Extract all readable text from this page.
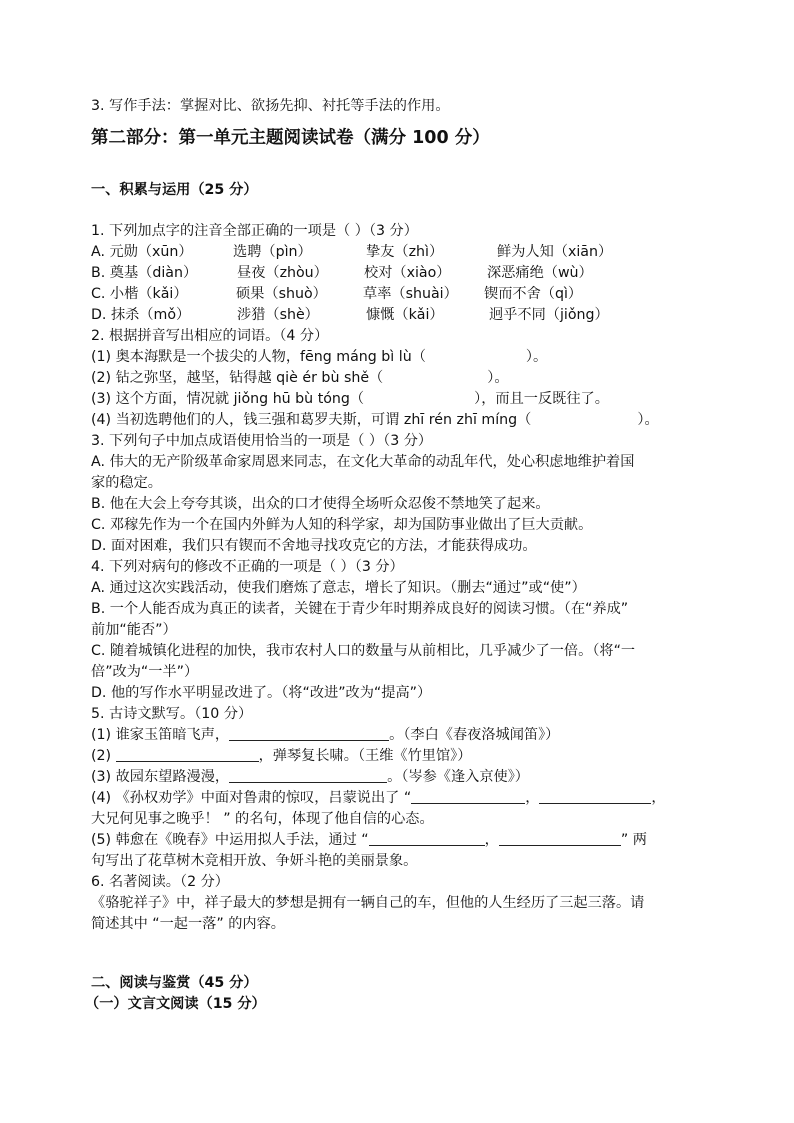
3. 写作手法：掌握对比、欲扬先抑、衬托等手法的作用。
第二部分：第一单元主题阅读试卷（满分 100 分）
一、积累与运用（25 分）
1. 下列加点字的注音全部正确的一项是（ ）（3 分）
A. 元勋（xūn）	选聘（pìn）	挚友（zhì）	鲜为人知（xiān）
B. 奠基（diàn）	昼夜（zhòu）	校对（xiào）	深恶痛绝（wù）
C. 小楷（kǎi）	硕果（shuò）	草率（shuài） 锲而不舍（qì）
D. 抹杀（mǒ）	涉猎（shè）	慷慨（kǎi）	迥乎不同（jiǒng）
2. 根据拼音写出相应的词语。（4 分）
(1) 奥本海默是一个拔尖的人物，fēng máng bì lù（	）。
(2) 钻之弥坚，越坚，钻得越 qiè ér bù shě（	）。
(3) 这个方面，情况就 jiǒng hū bù tóng（	），而且一反既往了。
(4) 当初选聘他们的人，钱三强和葛罗夫斯，可谓 zhī rén zhī míng（	）。
3. 下列句子中加点成语使用恰当的一项是（ ）（3 分）
A. 伟大的无产阶级革命家周恩来同志，在文化大革命的动乱年代，处心积虑地维护着国
家的稳定。
B. 他在大会上夸夸其谈，出众的口才使得全场听众忍俊不禁地笑了起来。
C. 邓稼先作为一个在国内外鲜为人知的科学家，却为国防事业做出了巨大贡献。
D. 面对困难，我们只有锲而不舍地寻找攻克它的方法，才能获得成功。
4. 下列对病句的修改不正确的一项是（ ）（3 分）
A. 通过这次实践活动，使我们磨炼了意志，增长了知识。（删去“通过”或“使”）
B. 一个人能否成为真正的读者，关键在于青少年时期养成良好的阅读习惯。（在“养成”
前加“能否”）
C. 随着城镇化进程的加快，我市农村人口的数量与从前相比，几乎减少了一倍。（将“一
倍”改为“一半”）
D. 他的写作水平明显改进了。（将“改进”改为“提高”）
5. 古诗文默写。（10 分）
(1) 谁家玉笛暗飞声，	。（李白《春夜洛城闻笛》）
(2)	，弹琴复长啸。（王维《竹里馆》）
(3) 故园东望路漫漫，	。（岑参《逢入京使》）
(4) 《孙权劝学》中面对鲁肃的惊叹，吕蒙说出了 “	，	，
大兄何见事之晚乎！ ” 的名句，体现了他自信的心态。
(5) 韩愈在《晚春》中运用拟人手法，通过 “	，	” 两
句写出了花草树木竞相开放、争妍斗艳的美丽景象。
6. 名著阅读。（2 分）
《骆驼祥子》中，祥子最大的梦想是拥有一辆自己的车，但他的人生经历了三起三落。请
简述其中 “一起一落” 的内容。
二、阅读与鉴赏（45 分）
（一）文言文阅读（15 分）
